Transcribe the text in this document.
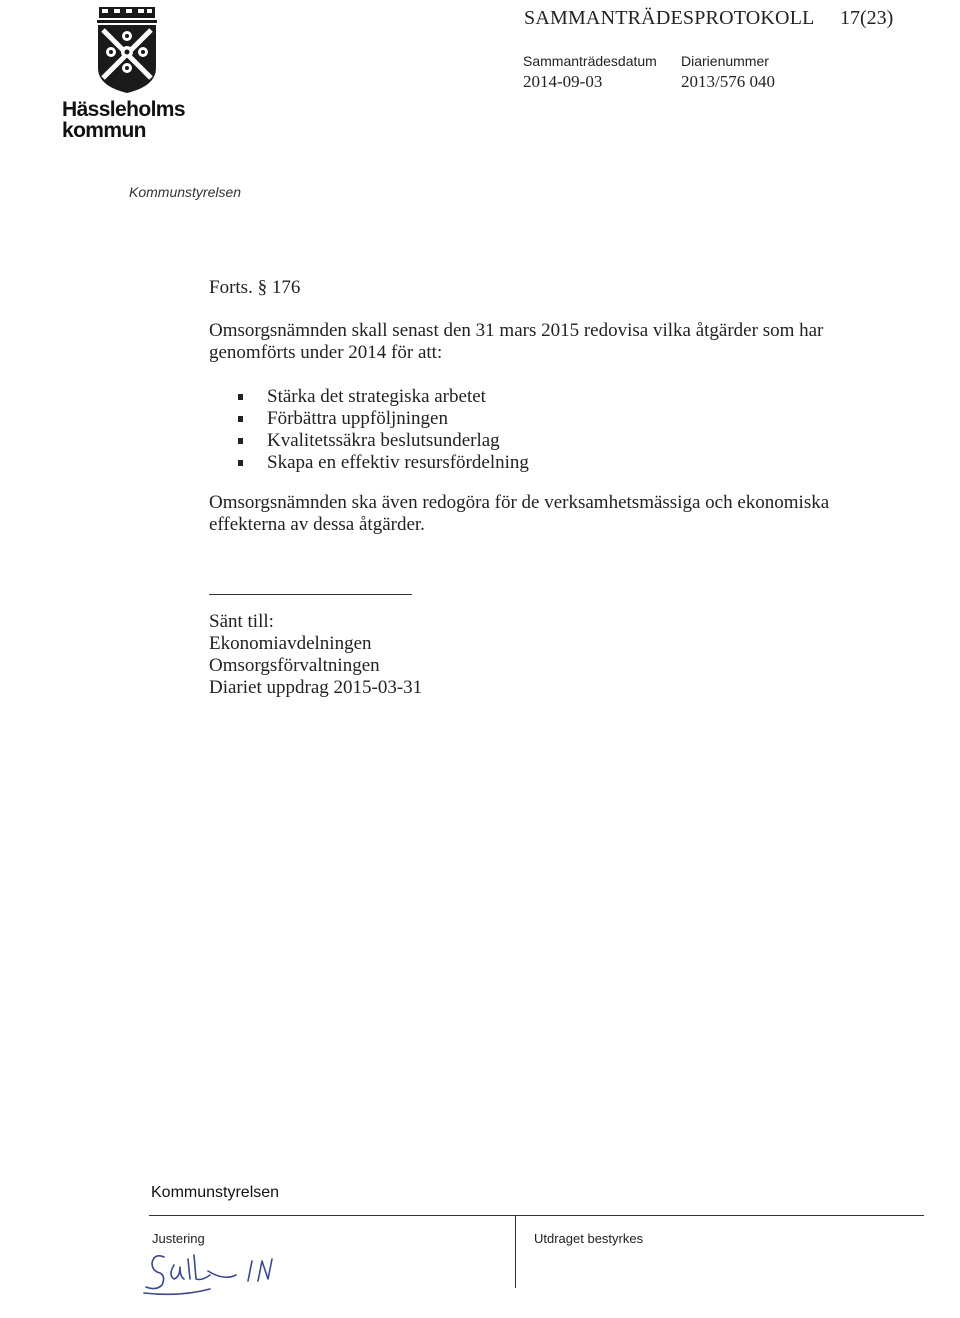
Hässleholms
kommun
SAMMANTRÄDESPROTOKOLL 17(23)
Sammanträdesdatum
2014-09-03
Diarienummer
2013/576 040
Kommunstyrelsen
Forts. § 176
Omsorgsnämnden skall senast den 31 mars 2015 redovisa vilka åtgärder som har genomförts under 2014 för att:
Stärka det strategiska arbetet
Förbättra uppföljningen
Kvalitetssäkra beslutsunderlag
Skapa en effektiv resursfördelning
Omsorgsnämnden ska även redogöra för de verksamhetsmässiga och ekonomiska effekterna av dessa åtgärder.
Sänt till:
Ekonomiavdelningen
Omsorgsförvaltningen
Diariet uppdrag 2015-03-31
Kommunstyrelsen
Justering	Utdraget bestyrkes
